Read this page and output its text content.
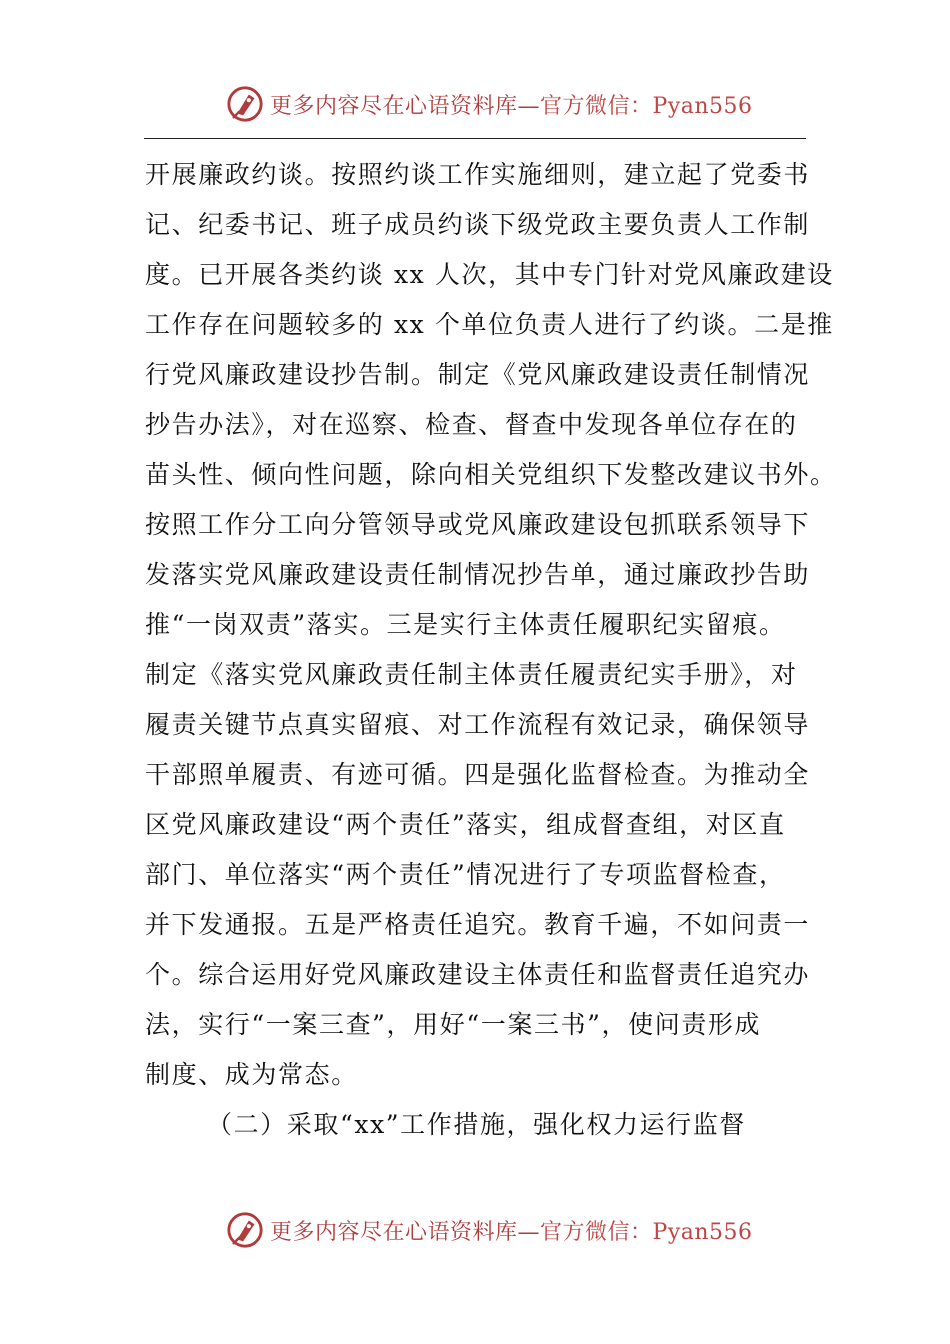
更多内容尽在心语资料库—官方微信：Pyan556
开展廉政约谈。按照约谈工作实施细则，建立起了党委书
记、纪委书记、班子成员约谈下级党政主要负责人工作制
度。已开展各类约谈 xx 人次，其中专门针对党风廉政建设
工作存在问题较多的 xx 个单位负责人进行了约谈。二是推
行党风廉政建设抄告制。制定《党风廉政建设责任制情况
抄告办法》，对在巡察、检查、督查中发现各单位存在的
苗头性、倾向性问题，除向相关党组织下发整改建议书外。
按照工作分工向分管领导或党风廉政建设包抓联系领导下
发落实党风廉政建设责任制情况抄告单，通过廉政抄告助
推“一岗双责”落实。三是实行主体责任履职纪实留痕。
制定《落实党风廉政责任制主体责任履责纪实手册》，对
履责关键节点真实留痕、对工作流程有效记录，确保领导
干部照单履责、有迹可循。四是强化监督检查。为推动全
区党风廉政建设“两个责任”落实，组成督查组，对区直
部门、单位落实“两个责任”情况进行了专项监督检查，
并下发通报。五是严格责任追究。教育千遍，不如问责一
个。综合运用好党风廉政建设主体责任和监督责任追究办
法，实行“一案三查”，用好“一案三书”，使问责形成
制度、成为常态。
（二）采取“xx”工作措施，强化权力运行监督
更多内容尽在心语资料库—官方微信：Pyan556
